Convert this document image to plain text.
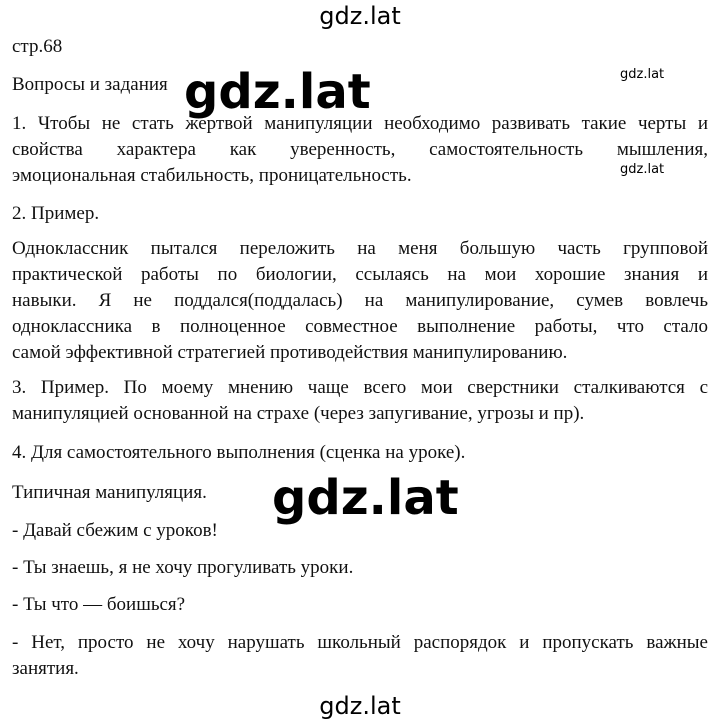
gdz.lat
стр.68
Вопросы и задания
1. Чтобы не стать жертвой манипуляции необходимо развивать такие черты и
свойства характера как уверенность, самостоятельность мышления,
эмоциональная стабильность, проницательность.
2. Пример.
Одноклассник пытался переложить на меня большую часть групповой
практической работы по биологии, ссылаясь на мои хорошие знания и
навыки. Я не поддался(поддалась) на манипулирование, сумев вовлечь
одноклассника в полноценное совместное выполнение работы, что стало
самой эффективной стратегией противодействия манипулированию.
3. Пример. По моему мнению чаще всего мои сверстники сталкиваются с
манипуляцией основанной на страхе (через запугивание, угрозы и пр).
4. Для самостоятельного выполнения (сценка на уроке).
Типичная манипуляция.
- Давай сбежим с уроков!
- Ты знаешь, я не хочу прогуливать уроки.
- Ты что — боишься?
- Нет, просто не хочу нарушать школьный распорядок и пропускать важные
занятия.
gdz.lat
gdz.lat
gdz.lat
gdz.lat
gdz.lat
